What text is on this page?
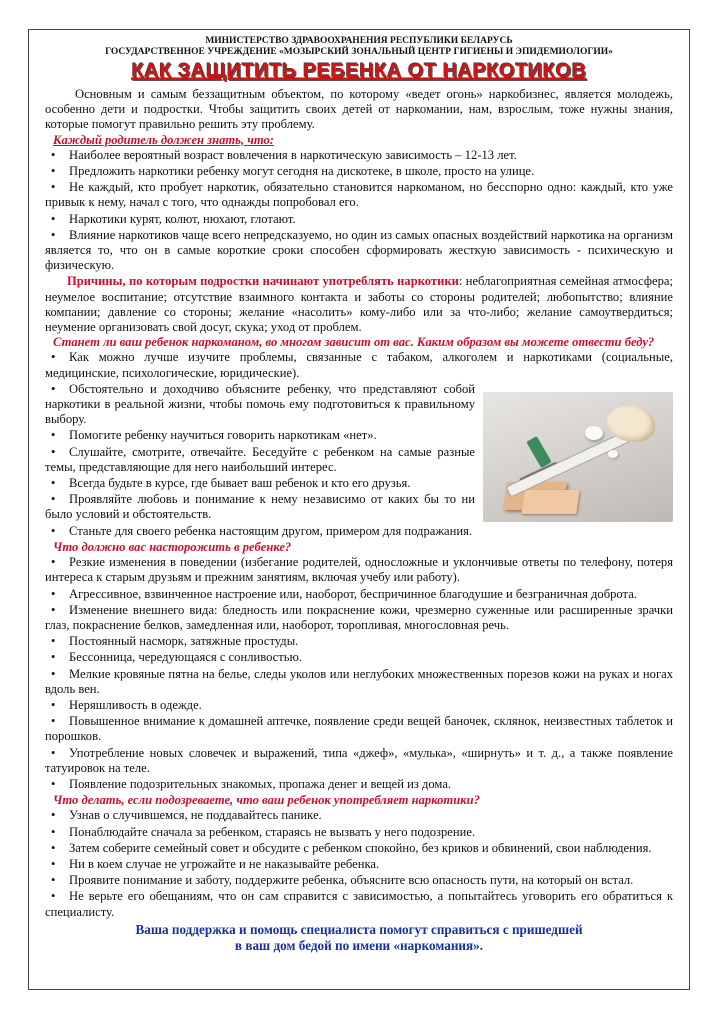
МИНИСТЕРСТВО ЗДРАВООХРАНЕНИЯ РЕСПУБЛИКИ БЕЛАРУСЬ
ГОСУДАРСТВЕННОЕ УЧРЕЖДЕНИЕ «МОЗЫРСКИЙ ЗОНАЛЬНЫЙ ЦЕНТР ГИГИЕНЫ И ЭПИДЕМИОЛОГИИ»
КАК ЗАЩИТИТЬ РЕБЕНКА ОТ НАРКОТИКОВ

Основным и самым беззащитным объектом, по которому «ведет огонь» наркобизнес, является молодежь, особенно дети и подростки. Чтобы защитить своих детей от наркомании, нам, взрослым, тоже нужны знания, которые помогут правильно решить эту проблему.

Каждый родитель должен знать, что:

• Наиболее вероятный возраст вовлечения в наркотическую зависимость – 12-13 лет.

• Предложить наркотики ребенку могут сегодня на дискотеке, в школе, просто на улице.

• Не каждый, кто пробует наркотик, обязательно становится наркоманом, но бесспорно одно: каждый, кто уже привык к нему, начал с того, что однажды попробовал его.

• Наркотики курят, колют, нюхают, глотают.

• Влияние наркотиков чаще всего непредсказуемо, но один из самых опасных воздействий наркотика на организм является то, что он в самые короткие сроки способен сформировать жесткую зависимость - психическую и физическую.

Причины, по которым подростки начинают употреблять наркотики: неблагоприятная семейная атмосфера; неумелое воспитание; отсутствие взаимного контакта и заботы со стороны родителей; любопытство; влияние компании; давление со стороны; желание «насолить» кому-либо или за что-либо; желание самоутвердиться; неумение организовать свой досуг, скука; уход от проблем.

Станет ли ваш ребенок наркоманом, во многом зависит от вас. Каким образом вы можете отвести беду?

• Как можно лучше изучите проблемы, связанные с табаком, алкоголем и наркотиками (социальные, медицинские, психологические, юридические).

• Обстоятельно и доходчиво объясните ребенку, что представляют собой наркотики в реальной жизни, чтобы помочь ему подготовиться к правильному выбору.

• Помогите ребенку научиться говорить наркотикам «нет».

• Слушайте, смотрите, отвечайте. Беседуйте с ребенком на самые разные темы, представляющие для него наибольший интерес.

• Всегда будьте в курсе, где бывает ваш ребенок и кто его друзья.

• Проявляйте любовь и понимание к нему независимо от каких бы то ни было условий и обстоятельств.

• Станьте для своего ребенка настоящим другом, примером для подражания.

Что должно вас насторожить в ребенке?

• Резкие изменения в поведении (избегание родителей, односложные и уклончивые ответы по телефону, потеря интереса к старым друзьям и прежним занятиям, включая учебу или работу).

• Агрессивное, взвинченное настроение или, наоборот, беспричинное благодушие и безграничная доброта.

• Изменение внешнего вида: бледность или покраснение кожи, чрезмерно суженные или расширенные зрачки глаз, покраснение белков, замедленная или, наоборот, торопливая, многословная речь.

• Постоянный насморк, затяжные простуды.

• Бессонница, чередующаяся с сонливостью.

• Мелкие кровяные пятна на белье, следы уколов или неглубоких множественных порезов кожи на руках и ногах вдоль вен.

• Неряшливость в одежде.

• Повышенное внимание к домашней аптечке, появление среди вещей баночек, склянок, неизвестных таблеток и порошков.

• Употребление новых словечек и выражений, типа «джеф», «мулька», «ширнуть» и т. д., а также появление татуировок на теле.

• Появление подозрительных знакомых, пропажа денег и вещей из дома.

Что делать, если подозреваете, что ваш ребенок употребляет наркотики?

• Узнав о случившемся, не поддавайтесь панике.

• Понаблюдайте сначала за ребенком, стараясь не вызвать у него подозрение.

• Затем соберите семейный совет и обсудите с ребенком спокойно, без криков и обвинений, свои наблюдения.

• Ни в коем случае не угрожайте и не наказывайте ребенка.

• Проявите понимание и заботу, поддержите ребенка, объясните всю опасность пути, на который он встал.

• Не верьте его обещаниям, что он сам справится с зависимостью, а попытайтесь уговорить его обратиться к специалисту.

Ваша поддержка и помощь специалиста помогут справиться с пришедшей
в ваш дом бедой по имени «наркомания».
